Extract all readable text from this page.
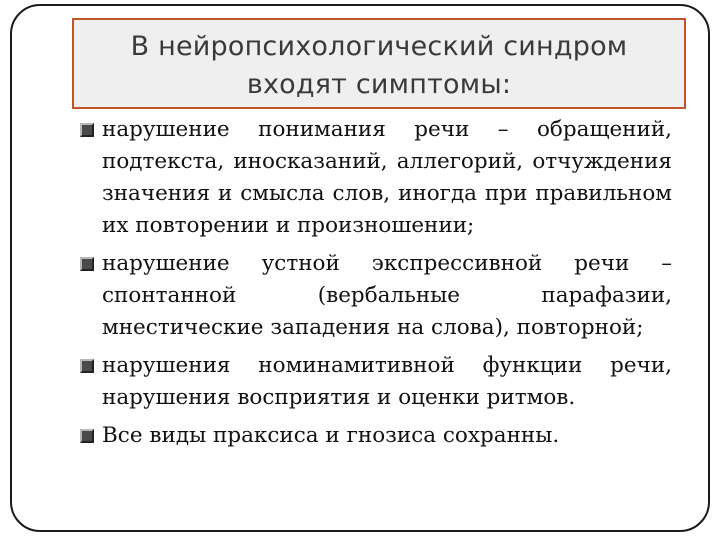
В нейропсихологический синдром
входят симптомы:
нарушение понимания речи – обращений, подтекста, иносказаний, аллегорий, отчуждения значения и смысла слов, иногда при правильном их повторении и произношении;
нарушение устной экспрессивной речи – спонтанной (вербальные парафазии, мнестические западения на слова), повторной;
нарушения номинамитивной функции речи, нарушения восприятия и оценки ритмов.
Все виды праксиса и гнозиса сохранны.
